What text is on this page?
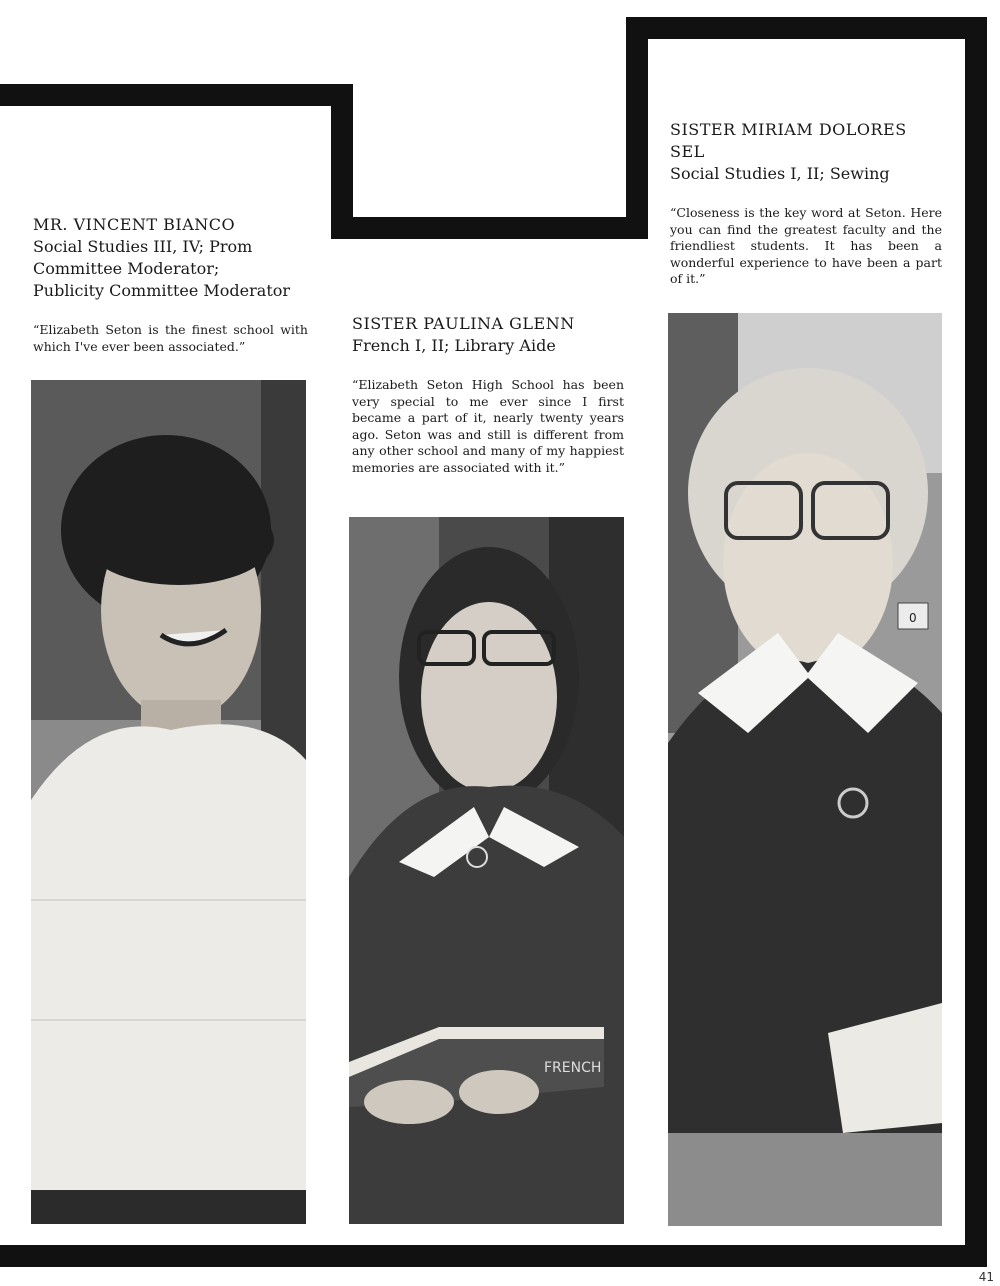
MR. VINCENT BIANCO
Social Studies III, IV; Prom
Committee Moderator;
Publicity Committee Moderator
“Elizabeth Seton is the finest school with which I've ever been associated.”
SISTER PAULINA GLENN
French I, II; Library Aide
“Elizabeth Seton High School has been very special to me ever since I first became a part of it, nearly twenty years ago. Seton was and still is different from any other school and many of my happiest memories are associated with it.”
FRENCH
SISTER MIRIAM DOLORES
SEL
Social Studies I, II; Sewing
“Closeness is the key word at Seton. Here you can find the greatest faculty and the friendliest students. It has been a wonderful experience to have been a part of it.”
0
41
